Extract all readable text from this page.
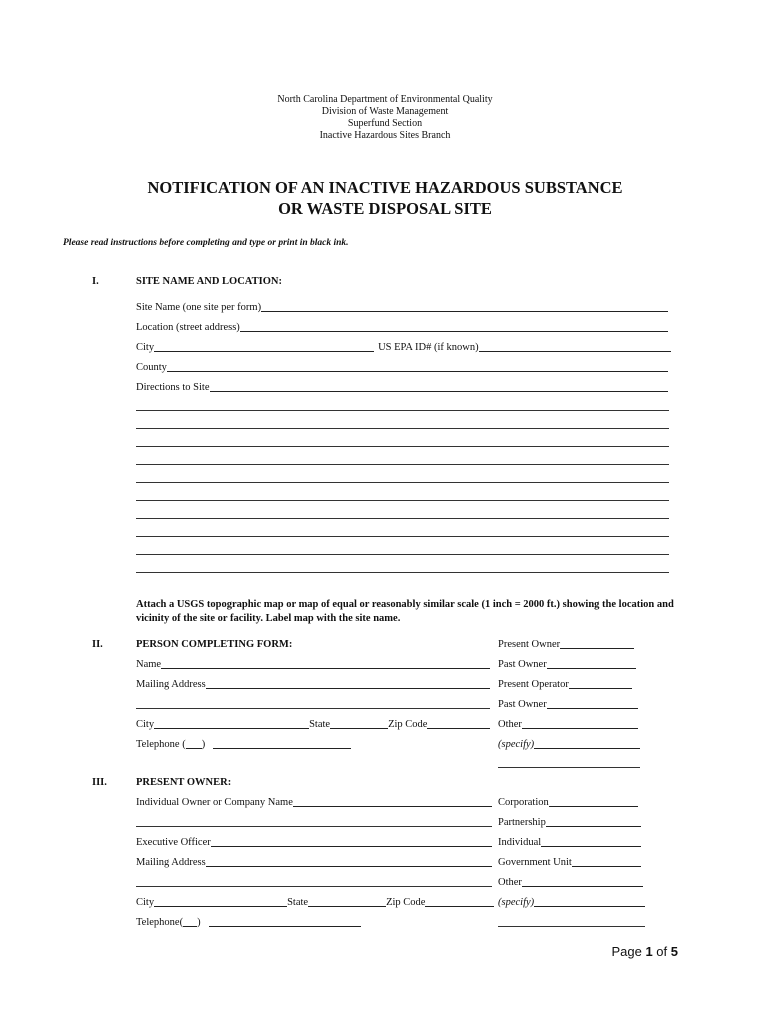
North Carolina Department of Environmental Quality
Division of Waste Management
Superfund Section
Inactive Hazardous Sites Branch
NOTIFICATION OF AN INACTIVE HAZARDOUS SUBSTANCE
OR WASTE DISPOSAL SITE
Please read instructions before completing and type or print in black ink.
I.	SITE NAME AND LOCATION:
Site Name (one site per form)
Location (street address)
City	US EPA ID# (if known)
County
Directions to Site
Attach a USGS topographic map or map of equal or reasonably similar scale (1 inch = 2000 ft.) showing the location and vicinity of the site or facility. Label map with the site name.
II.	PERSON COMPLETING FORM:
Name
Mailing Address
City	State	Zip Code
Telephone ( )
Present Owner
Past Owner
Present Operator
Past Owner
Other
(specify)
III.	PRESENT OWNER:
Individual Owner or Company Name
Executive Officer
Mailing Address
City	State	Zip Code
Telephone( )
Corporation
Partnership
Individual
Government Unit
Other
(specify)
Page 1 of 5
